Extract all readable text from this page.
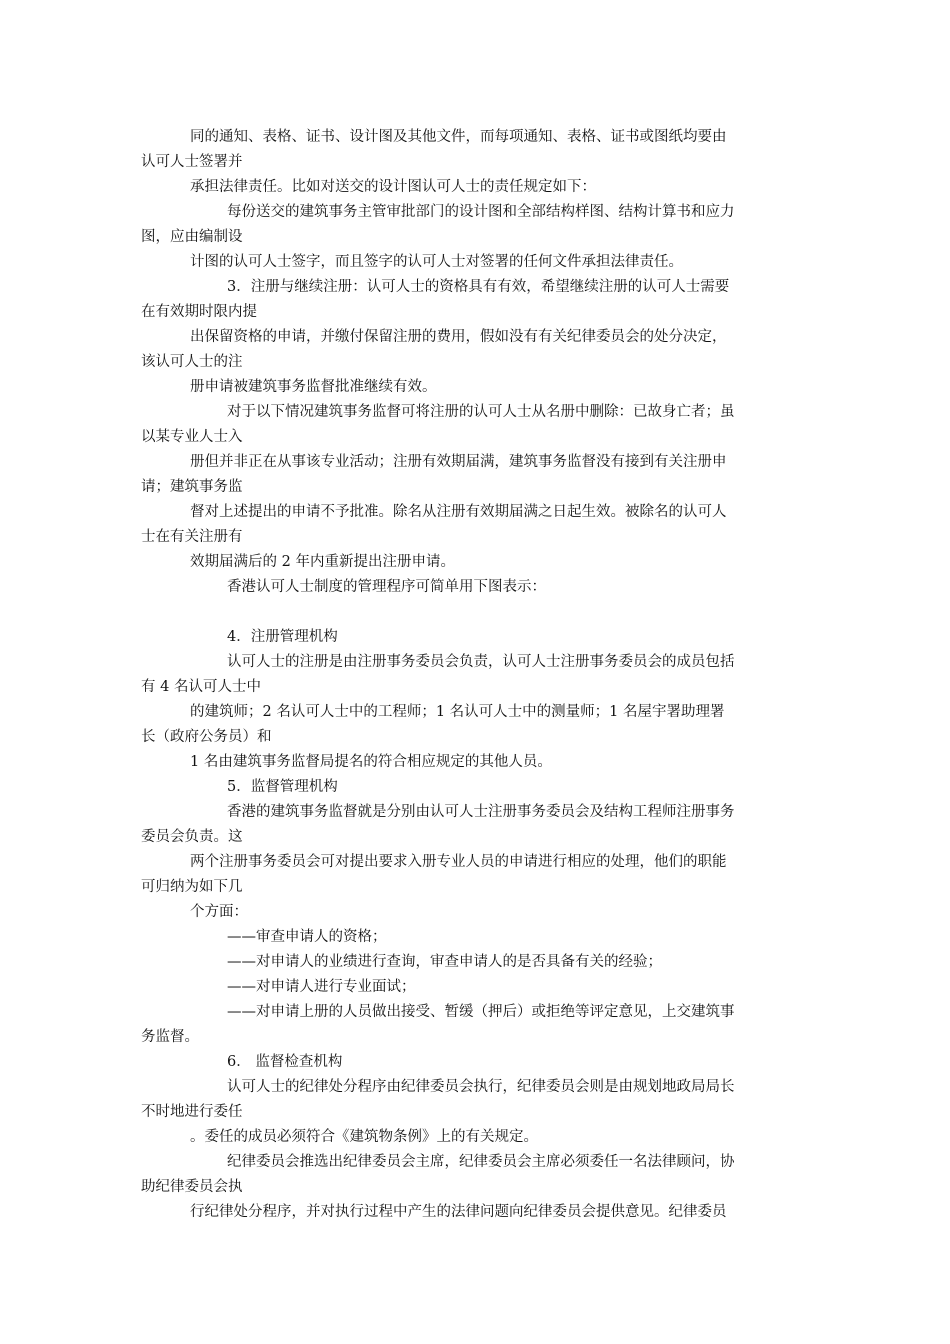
同的通知、表格、证书、设计图及其他文件，而每项通知、表格、证书或图纸均要由
认可人士签署并
承担法律责任。比如对送交的设计图认可人士的责任规定如下：
每份送交的建筑事务主管审批部门的设计图和全部结构样图、结构计算书和应力
图，应由编制设
计图的认可人士签字，而且签字的认可人士对签署的任何文件承担法律责任。
3．注册与继续注册：认可人士的资格具有有效，希望继续注册的认可人士需要
在有效期时限内提
出保留资格的申请，并缴付保留注册的费用，假如没有有关纪律委员会的处分决定，
该认可人士的注
册申请被建筑事务监督批准继续有效。
对于以下情况建筑事务监督可将注册的认可人士从名册中删除：已故身亡者；虽
以某专业人士入
册但并非正在从事该专业活动；注册有效期届满，建筑事务监督没有接到有关注册申
请；建筑事务监
督对上述提出的申请不予批准。除名从注册有效期届满之日起生效。被除名的认可人
士在有关注册有
效期届满后的 2 年内重新提出注册申请。
香港认可人士制度的管理程序可简单用下图表示：
4．注册管理机构
认可人士的注册是由注册事务委员会负责，认可人士注册事务委员会的成员包括
有 4 名认可人士中
的建筑师；2 名认可人士中的工程师；1 名认可人士中的测量师；1 名屋宇署助理署
长（政府公务员）和
1 名由建筑事务监督局提名的符合相应规定的其他人员。
5．监督管理机构
香港的建筑事务监督就是分别由认可人士注册事务委员会及结构工程师注册事务
委员会负责。这
两个注册事务委员会可对提出要求入册专业人员的申请进行相应的处理，他们的职能
可归纳为如下几
个方面：
——审查申请人的资格；
——对申请人的业绩进行查询，审查申请人的是否具备有关的经验；
——对申请人进行专业面试；
——对申请上册的人员做出接受、暂缓（押后）或拒绝等评定意见，上交建筑事
务监督。
6． 监督检查机构
认可人士的纪律处分程序由纪律委员会执行，纪律委员会则是由规划地政局局长
不时地进行委任
。委任的成员必须符合《建筑物条例》上的有关规定。
纪律委员会推选出纪律委员会主席，纪律委员会主席必须委任一名法律顾问，协
助纪律委员会执
行纪律处分程序，并对执行过程中产生的法律问题向纪律委员会提供意见。纪律委员
